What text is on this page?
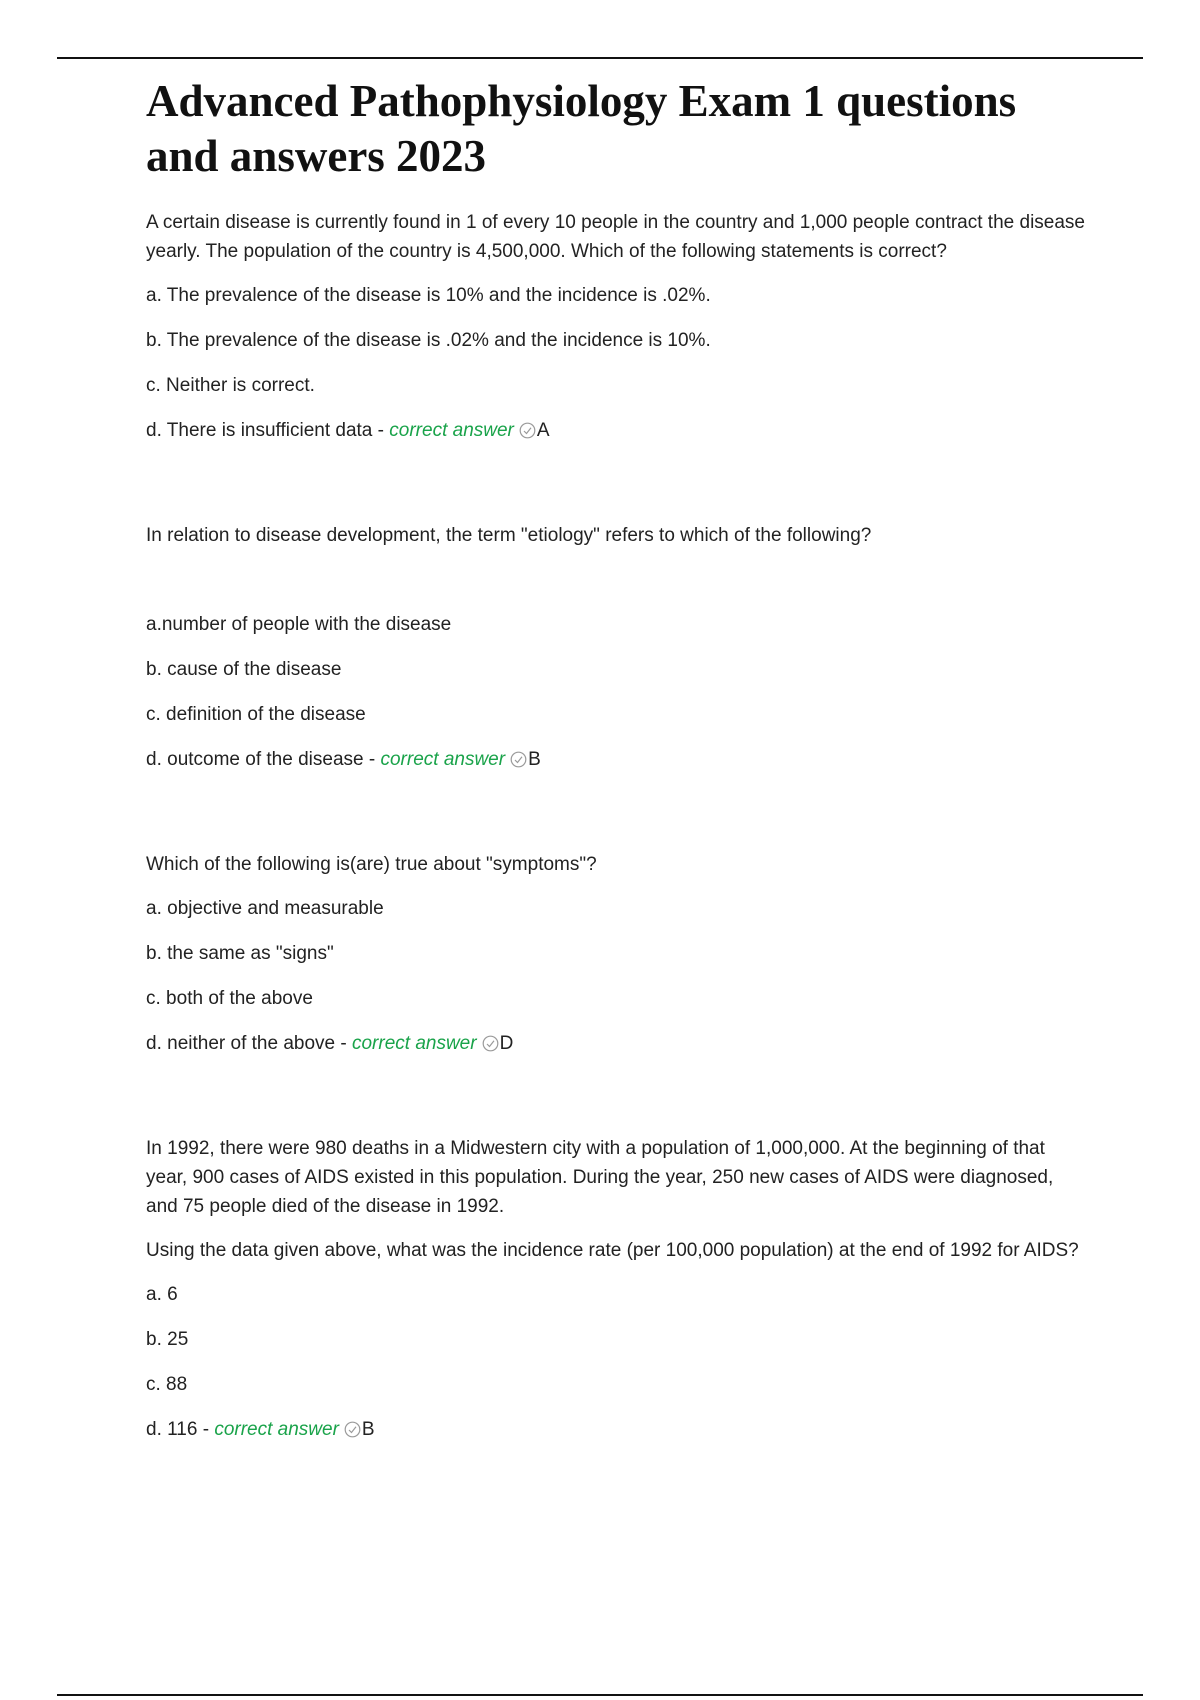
Advanced Pathophysiology Exam 1 questions and answers 2023

A certain disease is currently found in 1 of every 10 people in the country and 1,000 people contract the disease yearly. The population of the country is 4,500,000. Which of the following statements is correct?

a. The prevalence of the disease is 10% and the incidence is .02%.

b. The prevalence of the disease is .02% and the incidence is 10%.

c. Neither is correct.

d. There is insufficient data - correct answer A

In relation to disease development, the term "etiology" refers to which of the following?

a.number of people with the disease

b. cause of the disease

c. definition of the disease

d. outcome of the disease - correct answer B

Which of the following is(are) true about "symptoms"?

a. objective and measurable

b. the same as "signs"

c. both of the above

d. neither of the above - correct answer D

In 1992, there were 980 deaths in a Midwestern city with a population of 1,000,000. At the beginning of that year, 900 cases of AIDS existed in this population. During the year, 250 new cases of AIDS were diagnosed, and 75 people died of the disease in 1992.

Using the data given above, what was the incidence rate (per 100,000 population) at the end of 1992 for AIDS?

a. 6

b. 25

c. 88

d. 116 - correct answer B
